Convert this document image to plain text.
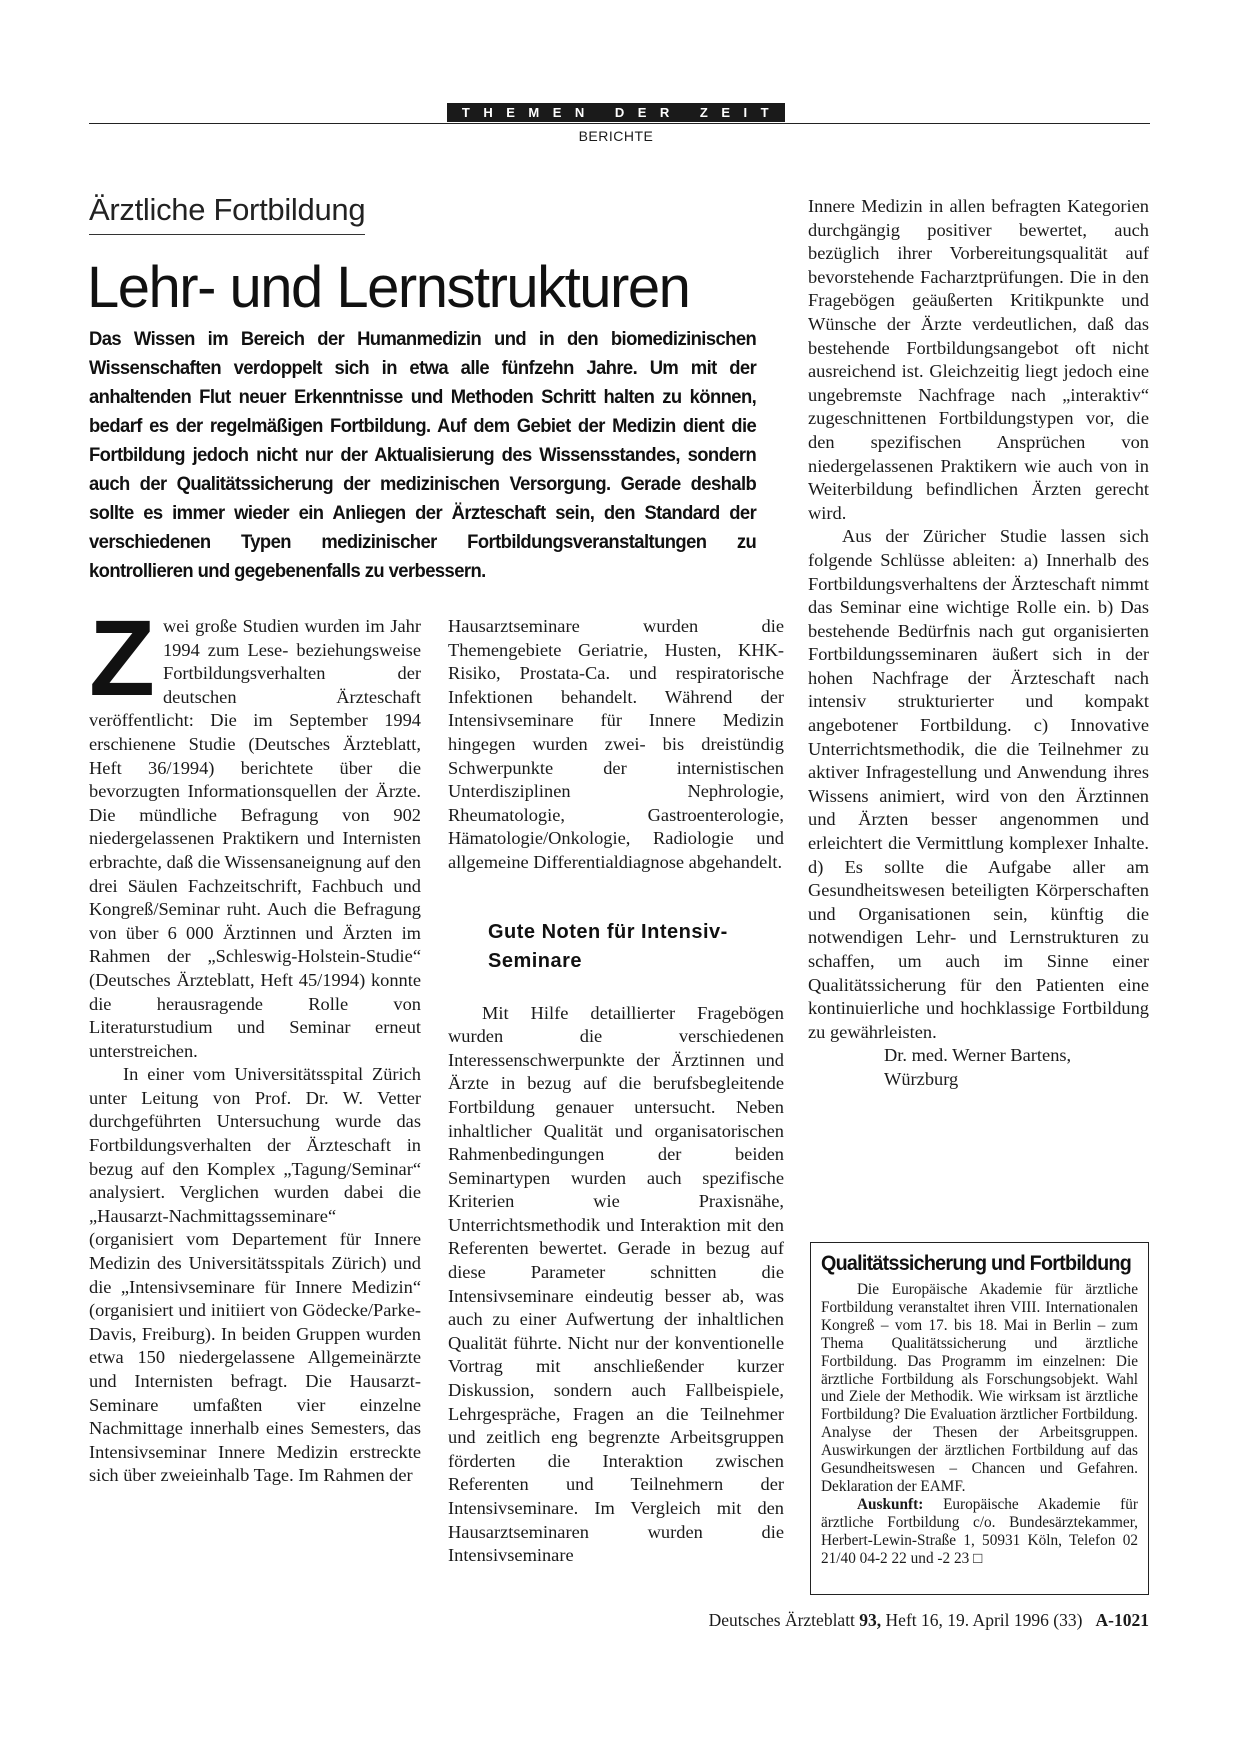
THEMEN DER ZEIT
BERICHTE
Ärztliche Fortbildung
Lehr- und Lernstrukturen

Das Wissen im Bereich der Humanmedizin und in den biomedizinischen Wissenschaften verdoppelt sich in etwa alle fünfzehn Jahre. Um mit der anhaltenden Flut neuer Erkenntnisse und Methoden Schritt halten zu können, bedarf es der regelmäßigen Fortbildung. Auf dem Gebiet der Medizin dient die Fortbildung jedoch nicht nur der Aktualisierung des Wissensstandes, sondern auch der Qualitätssicherung der medizinischen Versorgung. Gerade deshalb sollte es immer wieder ein Anliegen der Ärzteschaft sein, den Standard der verschiedenen Typen medizinischer Fortbildungsveranstaltungen zu kontrollieren und gegebenenfalls zu verbessern.

Zwei große Studien wurden im Jahr 1994 zum Lese- beziehungsweise Fortbildungsverhalten der deutschen Ärzteschaft veröffentlicht: Die im September 1994 erschienene Studie (Deutsches Ärzteblatt, Heft 36/1994) berichtete über die bevorzugten Informationsquellen der Ärzte. Die mündliche Befragung von 902 niedergelassenen Praktikern und Internisten erbrachte, daß die Wissensaneignung auf den drei Säulen Fachzeitschrift, Fachbuch und Kongreß/Seminar ruht. Auch die Befragung von über 6 000 Ärztinnen und Ärzten im Rahmen der „Schleswig-Holstein-Studie“ (Deutsches Ärzteblatt, Heft 45/1994) konnte die herausragende Rolle von Literaturstudium und Seminar erneut unterstreichen.

In einer vom Universitätsspital Zürich unter Leitung von Prof. Dr. W. Vetter durchgeführten Untersuchung wurde das Fortbildungsverhalten der Ärzteschaft in bezug auf den Komplex „Tagung/Seminar“ analysiert. Verglichen wurden dabei die „Hausarzt-Nachmittagsseminare“ (organisiert vom Departement für Innere Medizin des Universitätsspitals Zürich) und die „Intensivseminare für Innere Medizin“ (organisiert und initiiert von Gödecke/Parke-Davis, Freiburg). In beiden Gruppen wurden etwa 150 niedergelassene Allgemeinärzte und Internisten befragt. Die Hausarzt-Seminare umfaßten vier einzelne Nachmittage innerhalb eines Semesters, das Intensivseminar Innere Medizin erstreckte sich über zweieinhalb Tage. Im Rahmen der

Hausarztseminare wurden die Themengebiete Geriatrie, Husten, KHK-Risiko, Prostata-Ca. und respiratorische Infektionen behandelt. Während der Intensivseminare für Innere Medizin hingegen wurden zwei- bis dreistündig Schwerpunkte der internistischen Unterdisziplinen Nephrologie, Rheumatologie, Gastroenterologie, Hämatologie/Onkologie, Radiologie und allgemeine Differentialdiagnose abgehandelt.

Gute Noten für Intensiv-Seminare

Mit Hilfe detaillierter Fragebögen wurden die verschiedenen Interessenschwerpunkte der Ärztinnen und Ärzte in bezug auf die berufsbegleitende Fortbildung genauer untersucht. Neben inhaltlicher Qualität und organisatorischen Rahmenbedingungen der beiden Seminartypen wurden auch spezifische Kriterien wie Praxisnähe, Unterrichtsmethodik und Interaktion mit den Referenten bewertet. Gerade in bezug auf diese Parameter schnitten die Intensivseminare eindeutig besser ab, was auch zu einer Aufwertung der inhaltlichen Qualität führte. Nicht nur der konventionelle Vortrag mit anschließender kurzer Diskussion, sondern auch Fallbeispiele, Lehrgespräche, Fragen an die Teilnehmer und zeitlich eng begrenzte Arbeitsgruppen förderten die Interaktion zwischen Referenten und Teilnehmern der Intensivseminare. Im Vergleich mit den Hausarztseminaren wurden die Intensivseminare

Innere Medizin in allen befragten Kategorien durchgängig positiver bewertet, auch bezüglich ihrer Vorbereitungsqualität auf bevorstehende Facharztprüfungen. Die in den Fragebögen geäußerten Kritikpunkte und Wünsche der Ärzte verdeutlichen, daß das bestehende Fortbildungsangebot oft nicht ausreichend ist. Gleichzeitig liegt jedoch eine ungebremste Nachfrage nach „interaktiv“ zugeschnittenen Fortbildungstypen vor, die den spezifischen Ansprüchen von niedergelassenen Praktikern wie auch von in Weiterbildung befindlichen Ärzten gerecht wird.

Aus der Züricher Studie lassen sich folgende Schlüsse ableiten: a) Innerhalb des Fortbildungsverhaltens der Ärzteschaft nimmt das Seminar eine wichtige Rolle ein. b) Das bestehende Bedürfnis nach gut organisierten Fortbildungsseminaren äußert sich in der hohen Nachfrage der Ärzteschaft nach intensiv strukturierter und kompakt angebotener Fortbildung. c) Innovative Unterrichtsmethodik, die die Teilnehmer zu aktiver Infragestellung und Anwendung ihres Wissens animiert, wird von den Ärztinnen und Ärzten besser angenommen und erleichtert die Vermittlung komplexer Inhalte. d) Es sollte die Aufgabe aller am Gesundheitswesen beteiligten Körperschaften und Organisationen sein, künftig die notwendigen Lehr- und Lernstrukturen zu schaffen, um auch im Sinne einer Qualitätssicherung für den Patienten eine kontinuierliche und hochklassige Fortbildung zu gewährleisten.

Dr. med. Werner Bartens,

Würzburg

Qualitätssicherung und Fortbildung

Die Europäische Akademie für ärztliche Fortbildung veranstaltet ihren VIII. Internationalen Kongreß – vom 17. bis 18. Mai in Berlin – zum Thema Qualitätssicherung und ärztliche Fortbildung. Das Programm im einzelnen: Die ärztliche Fortbildung als Forschungsobjekt. Wahl und Ziele der Methodik. Wie wirksam ist ärztliche Fortbildung? Die Evaluation ärztlicher Fortbildung. Analyse der Thesen der Arbeitsgruppen. Auswirkungen der ärztlichen Fortbildung auf das Gesundheitswesen – Chancen und Gefahren. Deklaration der EAMF.

Auskunft: Europäische Akademie für ärztliche Fortbildung c/o. Bundesärztekammer, Herbert-Lewin-Straße 1, 50931 Köln, Telefon 02 21/40 04-2 22 und -2 23 □

Deutsches Ärzteblatt 93, Heft 16, 19. April 1996 (33) A-1021
